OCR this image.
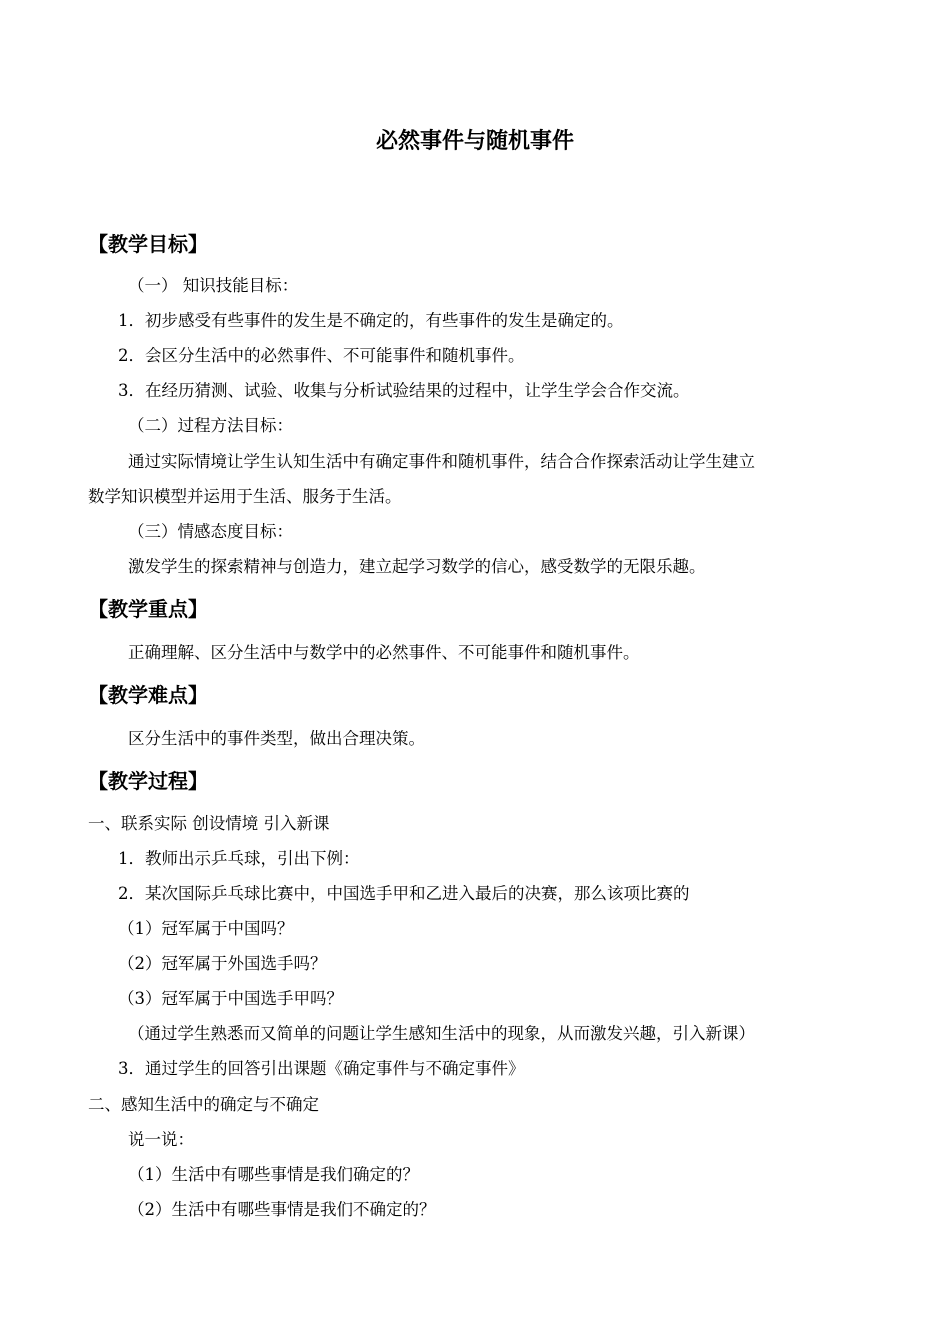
必然事件与随机事件
【教学目标】
（一） 知识技能目标：
1．初步感受有些事件的发生是不确定的，有些事件的发生是确定的。
2．会区分生活中的必然事件、不可能事件和随机事件。
3．在经历猜测、试验、收集与分析试验结果的过程中，让学生学会合作交流。
（二）过程方法目标：
通过实际情境让学生认知生活中有确定事件和随机事件，结合合作探索活动让学生建立
数学知识模型并运用于生活、服务于生活。
（三）情感态度目标：
激发学生的探索精神与创造力，建立起学习数学的信心，感受数学的无限乐趣。
【教学重点】
正确理解、区分生活中与数学中的必然事件、不可能事件和随机事件。
【教学难点】
区分生活中的事件类型，做出合理决策。
【教学过程】
一、联系实际 创设情境 引入新课
1．教师出示乒乓球，引出下例：
2．某次国际乒乓球比赛中，中国选手甲和乙进入最后的决赛，那么该项比赛的
（1）冠军属于中国吗？
（2）冠军属于外国选手吗？
（3）冠军属于中国选手甲吗？
（通过学生熟悉而又简单的问题让学生感知生活中的现象，从而激发兴趣，引入新课）
3．通过学生的回答引出课题《确定事件与不确定事件》
二、感知生活中的确定与不确定
说一说：
（1）生活中有哪些事情是我们确定的？
（2）生活中有哪些事情是我们不确定的？
